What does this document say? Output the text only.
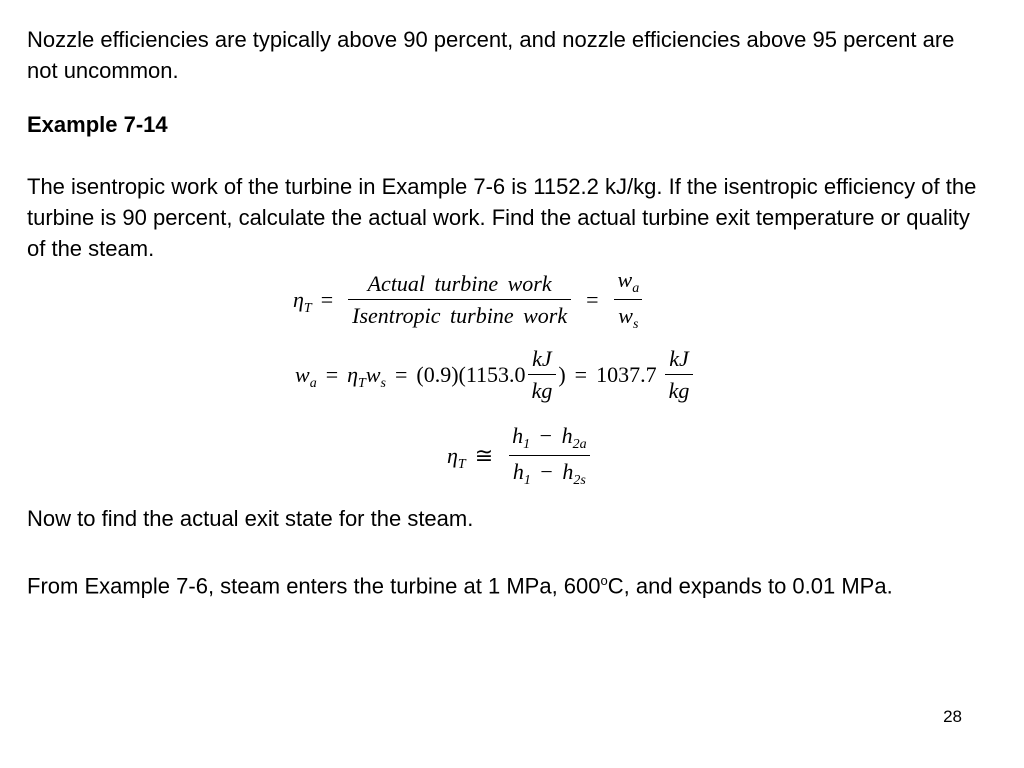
Nozzle efficiencies are typically above 90 percent, and nozzle efficiencies above 95 percent are not uncommon.

Example 7-14

The isentropic work of the turbine in Example 7-6 is 1152.2 kJ/kg. If the isentropic efficiency of the turbine is 90 percent, calculate the actual work. Find the actual turbine exit temperature or quality of the steam.

$\eta_T = \frac{\text{Actual turbine work}}{\text{Isentropic turbine work}} = \frac{w_a}{w_s}$
$w_a = \eta_T$ $w_s = (0.9)(1153.0 \frac{kJ}{kg}$ ) = $1037.7 \frac{kJ}{kg}$
$\eta_T$ ≅ $\frac{h_1 - h_{2a}}{h_1 - h_{2s}}$

Now to find the actual exit state for the steam.

From Example 7-6, steam enters the turbine at 1 MPa, 600$^o$C, and expands to 0.01 MPa.

28
